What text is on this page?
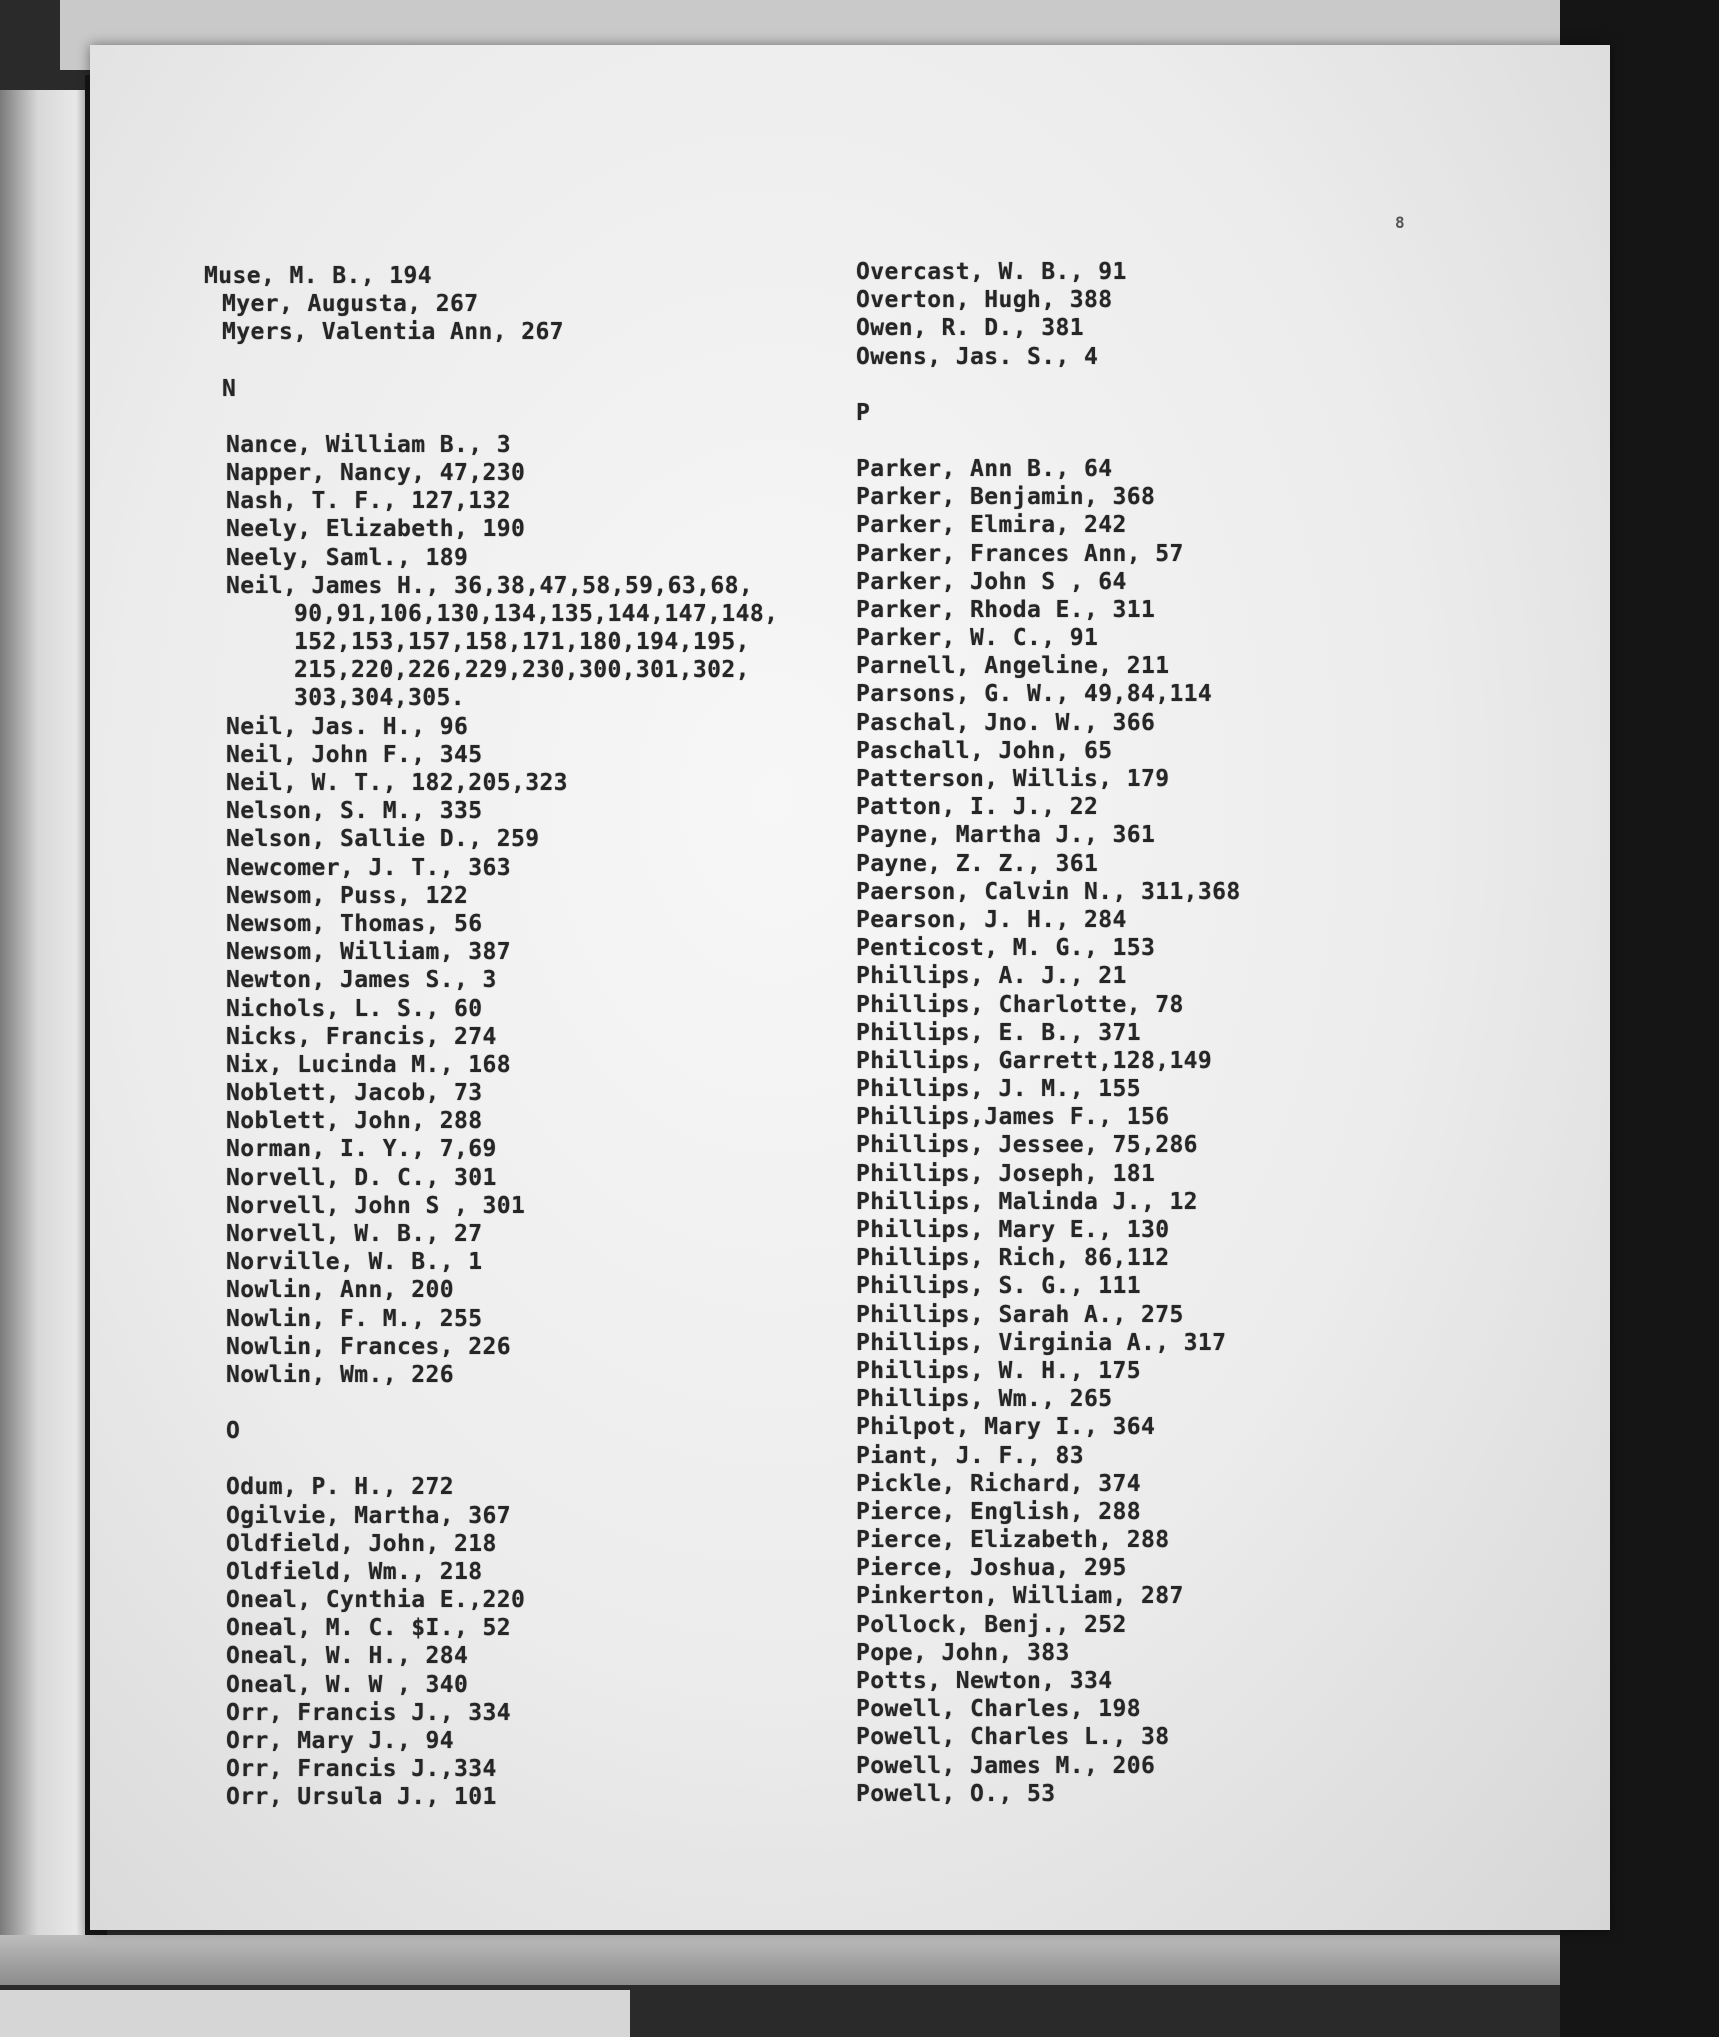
8
Muse, M. B., 194
Myer, Augusta, 267
Myers, Valentia Ann, 267
N
Nance, William B., 3
Napper, Nancy, 47,230
Nash, T. F., 127,132
Neely, Elizabeth, 190
Neely, Saml., 189
Neil, James H., 36,38,47,58,59,63,68,
90,91,106,130,134,135,144,147,148,
152,153,157,158,171,180,194,195,
215,220,226,229,230,300,301,302,
303,304,305.
Neil, Jas. H., 96
Neil, John F., 345
Neil, W. T., 182,205,323
Nelson, S. M., 335
Nelson, Sallie D., 259
Newcomer, J. T., 363
Newsom, Puss, 122
Newsom, Thomas, 56
Newsom, William, 387
Newton, James S., 3
Nichols, L. S., 60
Nicks, Francis, 274
Nix, Lucinda M., 168
Noblett, Jacob, 73
Noblett, John, 288
Norman, I. Y., 7,69
Norvell, D. C., 301
Norvell, John S , 301
Norvell, W. B., 27
Norville, W. B., 1
Nowlin, Ann, 200
Nowlin, F. M., 255
Nowlin, Frances, 226
Nowlin, Wm., 226
O
Odum, P. H., 272
Ogilvie, Martha, 367
Oldfield, John, 218
Oldfield, Wm., 218
Oneal, Cynthia E.,220
Oneal, M. C. $I., 52
Oneal, W. H., 284
Oneal, W. W , 340
Orr, Francis J., 334
Orr, Mary J., 94
Orr, Francis J.,334
Orr, Ursula J., 101
Overcast, W. B., 91
Overton, Hugh, 388
Owen, R. D., 381
Owens, Jas. S., 4
P
Parker, Ann B., 64
Parker, Benjamin, 368
Parker, Elmira, 242
Parker, Frances Ann, 57
Parker, John S , 64
Parker, Rhoda E., 311
Parker, W. C., 91
Parnell, Angeline, 211
Parsons, G. W., 49,84,114
Paschal, Jno. W., 366
Paschall, John, 65
Patterson, Willis, 179
Patton, I. J., 22
Payne, Martha J., 361
Payne, Z. Z., 361
Paerson, Calvin N., 311,368
Pearson, J. H., 284
Penticost, M. G., 153
Phillips, A. J., 21
Phillips, Charlotte, 78
Phillips, E. B., 371
Phillips, Garrett,128,149
Phillips, J. M., 155
Phillips,James F., 156
Phillips, Jessee, 75,286
Phillips, Joseph, 181
Phillips, Malinda J., 12
Phillips, Mary E., 130
Phillips, Rich, 86,112
Phillips, S. G., 111
Phillips, Sarah A., 275
Phillips, Virginia A., 317
Phillips, W. H., 175
Phillips, Wm., 265
Philpot, Mary I., 364
Piant, J. F., 83
Pickle, Richard, 374
Pierce, English, 288
Pierce, Elizabeth, 288
Pierce, Joshua, 295
Pinkerton, William, 287
Pollock, Benj., 252
Pope, John, 383
Potts, Newton, 334
Powell, Charles, 198
Powell, Charles L., 38
Powell, James M., 206
Powell, O., 53
